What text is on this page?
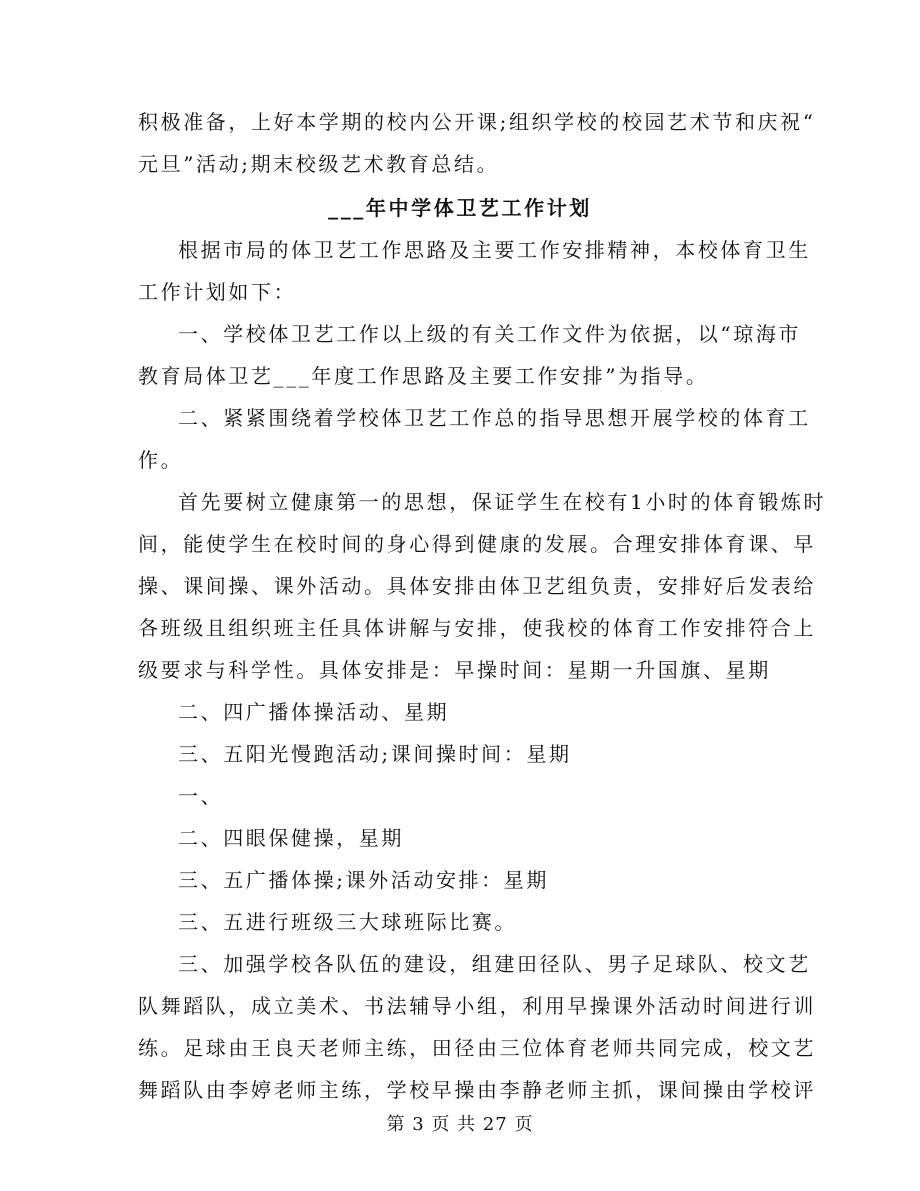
积极准备，上好本学期的校内公开课;组织学校的校园艺术节和庆祝“
元旦”活动;期末校级艺术教育总结。
___年中学体卫艺工作计划
根据市局的体卫艺工作思路及主要工作安排精神，本校体育卫生
工作计划如下：
一、学校体卫艺工作以上级的有关工作文件为依据，以“琼海市
教育局体卫艺___年度工作思路及主要工作安排”为指导。
二、紧紧围绕着学校体卫艺工作总的指导思想开展学校的体育工
作。
首先要树立健康第一的思想，保证学生在校有1小时的体育锻炼时
间，能使学生在校时间的身心得到健康的发展。合理安排体育课、早
操、课间操、课外活动。具体安排由体卫艺组负责，安排好后发表给
各班级且组织班主任具体讲解与安排，使我校的体育工作安排符合上
级要求与科学性。具体安排是：早操时间：星期一升国旗、星期
二、四广播体操活动、星期
三、五阳光慢跑活动;课间操时间：星期
一、
二、四眼保健操，星期
三、五广播体操;课外活动安排：星期
三、五进行班级三大球班际比赛。
三、加强学校各队伍的建设，组建田径队、男子足球队、校文艺
队舞蹈队，成立美术、书法辅导小组，利用早操课外活动时间进行训
练。足球由王良天老师主练，田径由三位体育老师共同完成，校文艺
舞蹈队由李婷老师主练，学校早操由李静老师主抓，课间操由学校评
第 3 页 共 27 页
